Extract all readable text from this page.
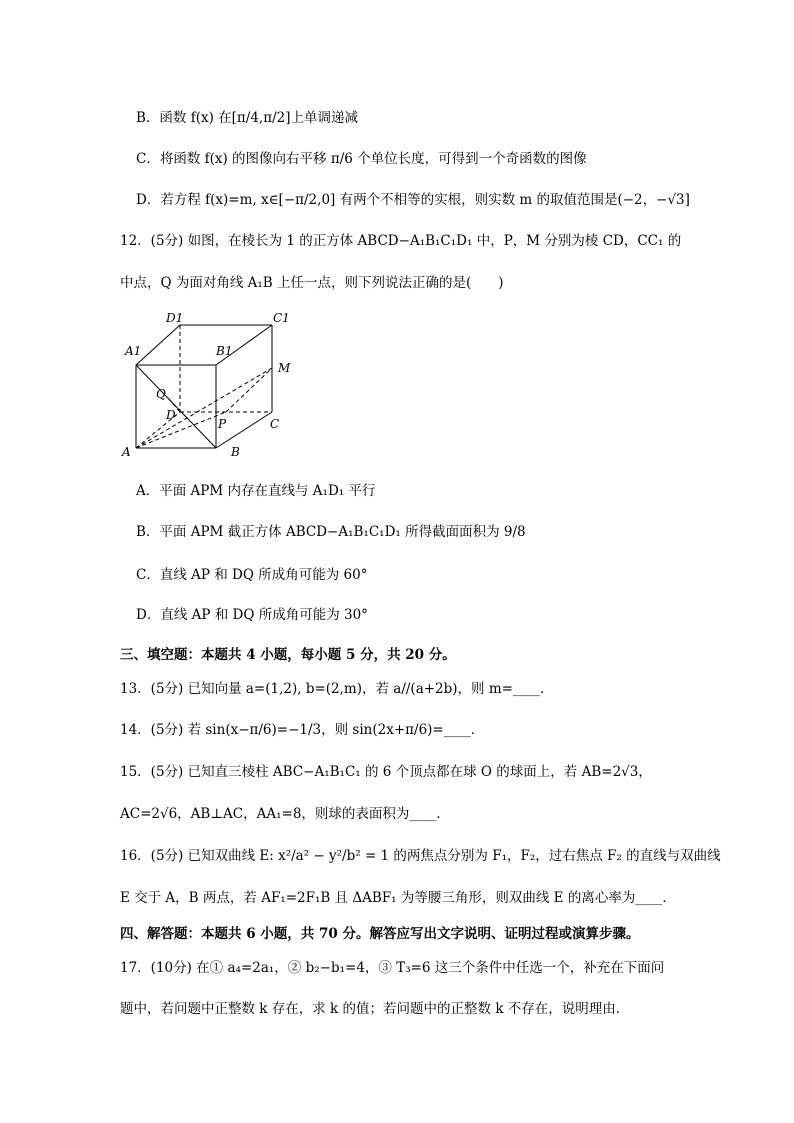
B．函数 f(x) 在[π/4,π/2]上单调递减
C．将函数 f(x) 的图像向右平移 π/6 个单位长度，可得到一个奇函数的图像
D．若方程 f(x)=m, x∈[−π/2,0] 有两个不相等的实根，则实数 m 的取值范围是(−2，−√3]
12．(5分) 如图，在棱长为 1 的正方体 ABCD−A₁B₁C₁D₁ 中，P，M 分别为棱 CD，CC₁ 的
中点，Q 为面对角线 A₁B 上任一点，则下列说法正确的是(　　)
D1	C1
A1	B1
M
Q
D
P	C
A	B
A．平面 APM 内存在直线与 A₁D₁ 平行
B．平面 APM 截正方体 ABCD−A₁B₁C₁D₁ 所得截面面积为 9/8
C．直线 AP 和 DQ 所成角可能为 60°
D．直线 AP 和 DQ 所成角可能为 30°
三、填空题：本题共 4 小题，每小题 5 分，共 20 分。
13．(5分) 已知向量 a=(1,2), b=(2,m)，若 a//(a+2b)，则 m=____．
14．(5分) 若 sin(x−π/6)=−1/3，则 sin(2x+π/6)=____．
15．(5分) 已知直三棱柱 ABC−A₁B₁C₁ 的 6 个顶点都在球 O 的球面上，若 AB=2√3，
AC=2√6，AB⊥AC，AA₁=8，则球的表面积为____．
16．(5分) 已知双曲线 E: x²/a² − y²/b² = 1 的两焦点分别为 F₁，F₂，过右焦点 F₂ 的直线与双曲线
E 交于 A，B 两点，若 AF₁=2F₁B 且 ΔABF₁ 为等腰三角形，则双曲线 E 的离心率为____．
四、解答题：本题共 6 小题，共 70 分。解答应写出文字说明、证明过程或演算步骤。
17．(10分) 在① a₄=2a₁，② b₂−b₁=4，③ T₃=6 这三个条件中任选一个，补充在下面问
题中，若问题中正整数 k 存在，求 k 的值；若问题中的正整数 k 不存在，说明理由．
